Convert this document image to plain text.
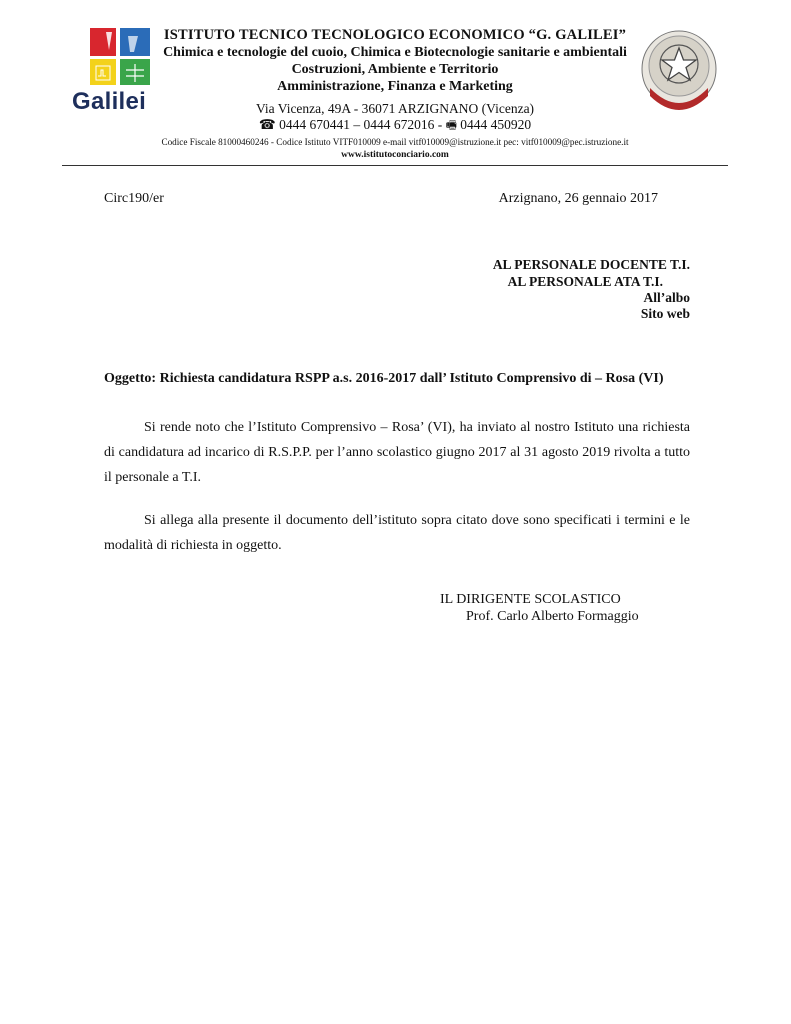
Galilei
ISTITUTO TECNICO TECNOLOGICO ECONOMICO “G. GALILEI”
Chimica e tecnologie del cuoio, Chimica e Biotecnologie sanitarie e ambientali
Costruzioni, Ambiente e Territorio
Amministrazione, Finanza e Marketing
Via Vicenza, 49A - 36071 ARZIGNANO (Vicenza)
☎ 0444 670441 – 0444 672016 - 🖷 0444 450920
Codice Fiscale 81000460246 - Codice Istituto VITF010009 e-mail vitf010009@istruzione.it pec: vitf010009@pec.istruzione.it
www.istitutoconciario.com
Circ190/er	Arzignano, 26 gennaio 2017
AL PERSONALE DOCENTE T.I.
AL PERSONALE ATA T.I.
All’albo
Sito web
Oggetto: Richiesta candidatura RSPP a.s. 2016-2017 dall’ Istituto Comprensivo di – Rosa (VI)
Si rende noto che l’Istituto Comprensivo – Rosa’ (VI), ha inviato al nostro Istituto una richiesta di candidatura ad incarico di R.S.P.P. per l’anno scolastico giugno 2017 al 31 agosto 2019 rivolta a tutto il personale a T.I.
Si allega alla presente il documento dell’istituto sopra citato dove sono specificati i termini e le modalità di richiesta in oggetto.
IL DIRIGENTE SCOLASTICO
Prof. Carlo Alberto Formaggio
